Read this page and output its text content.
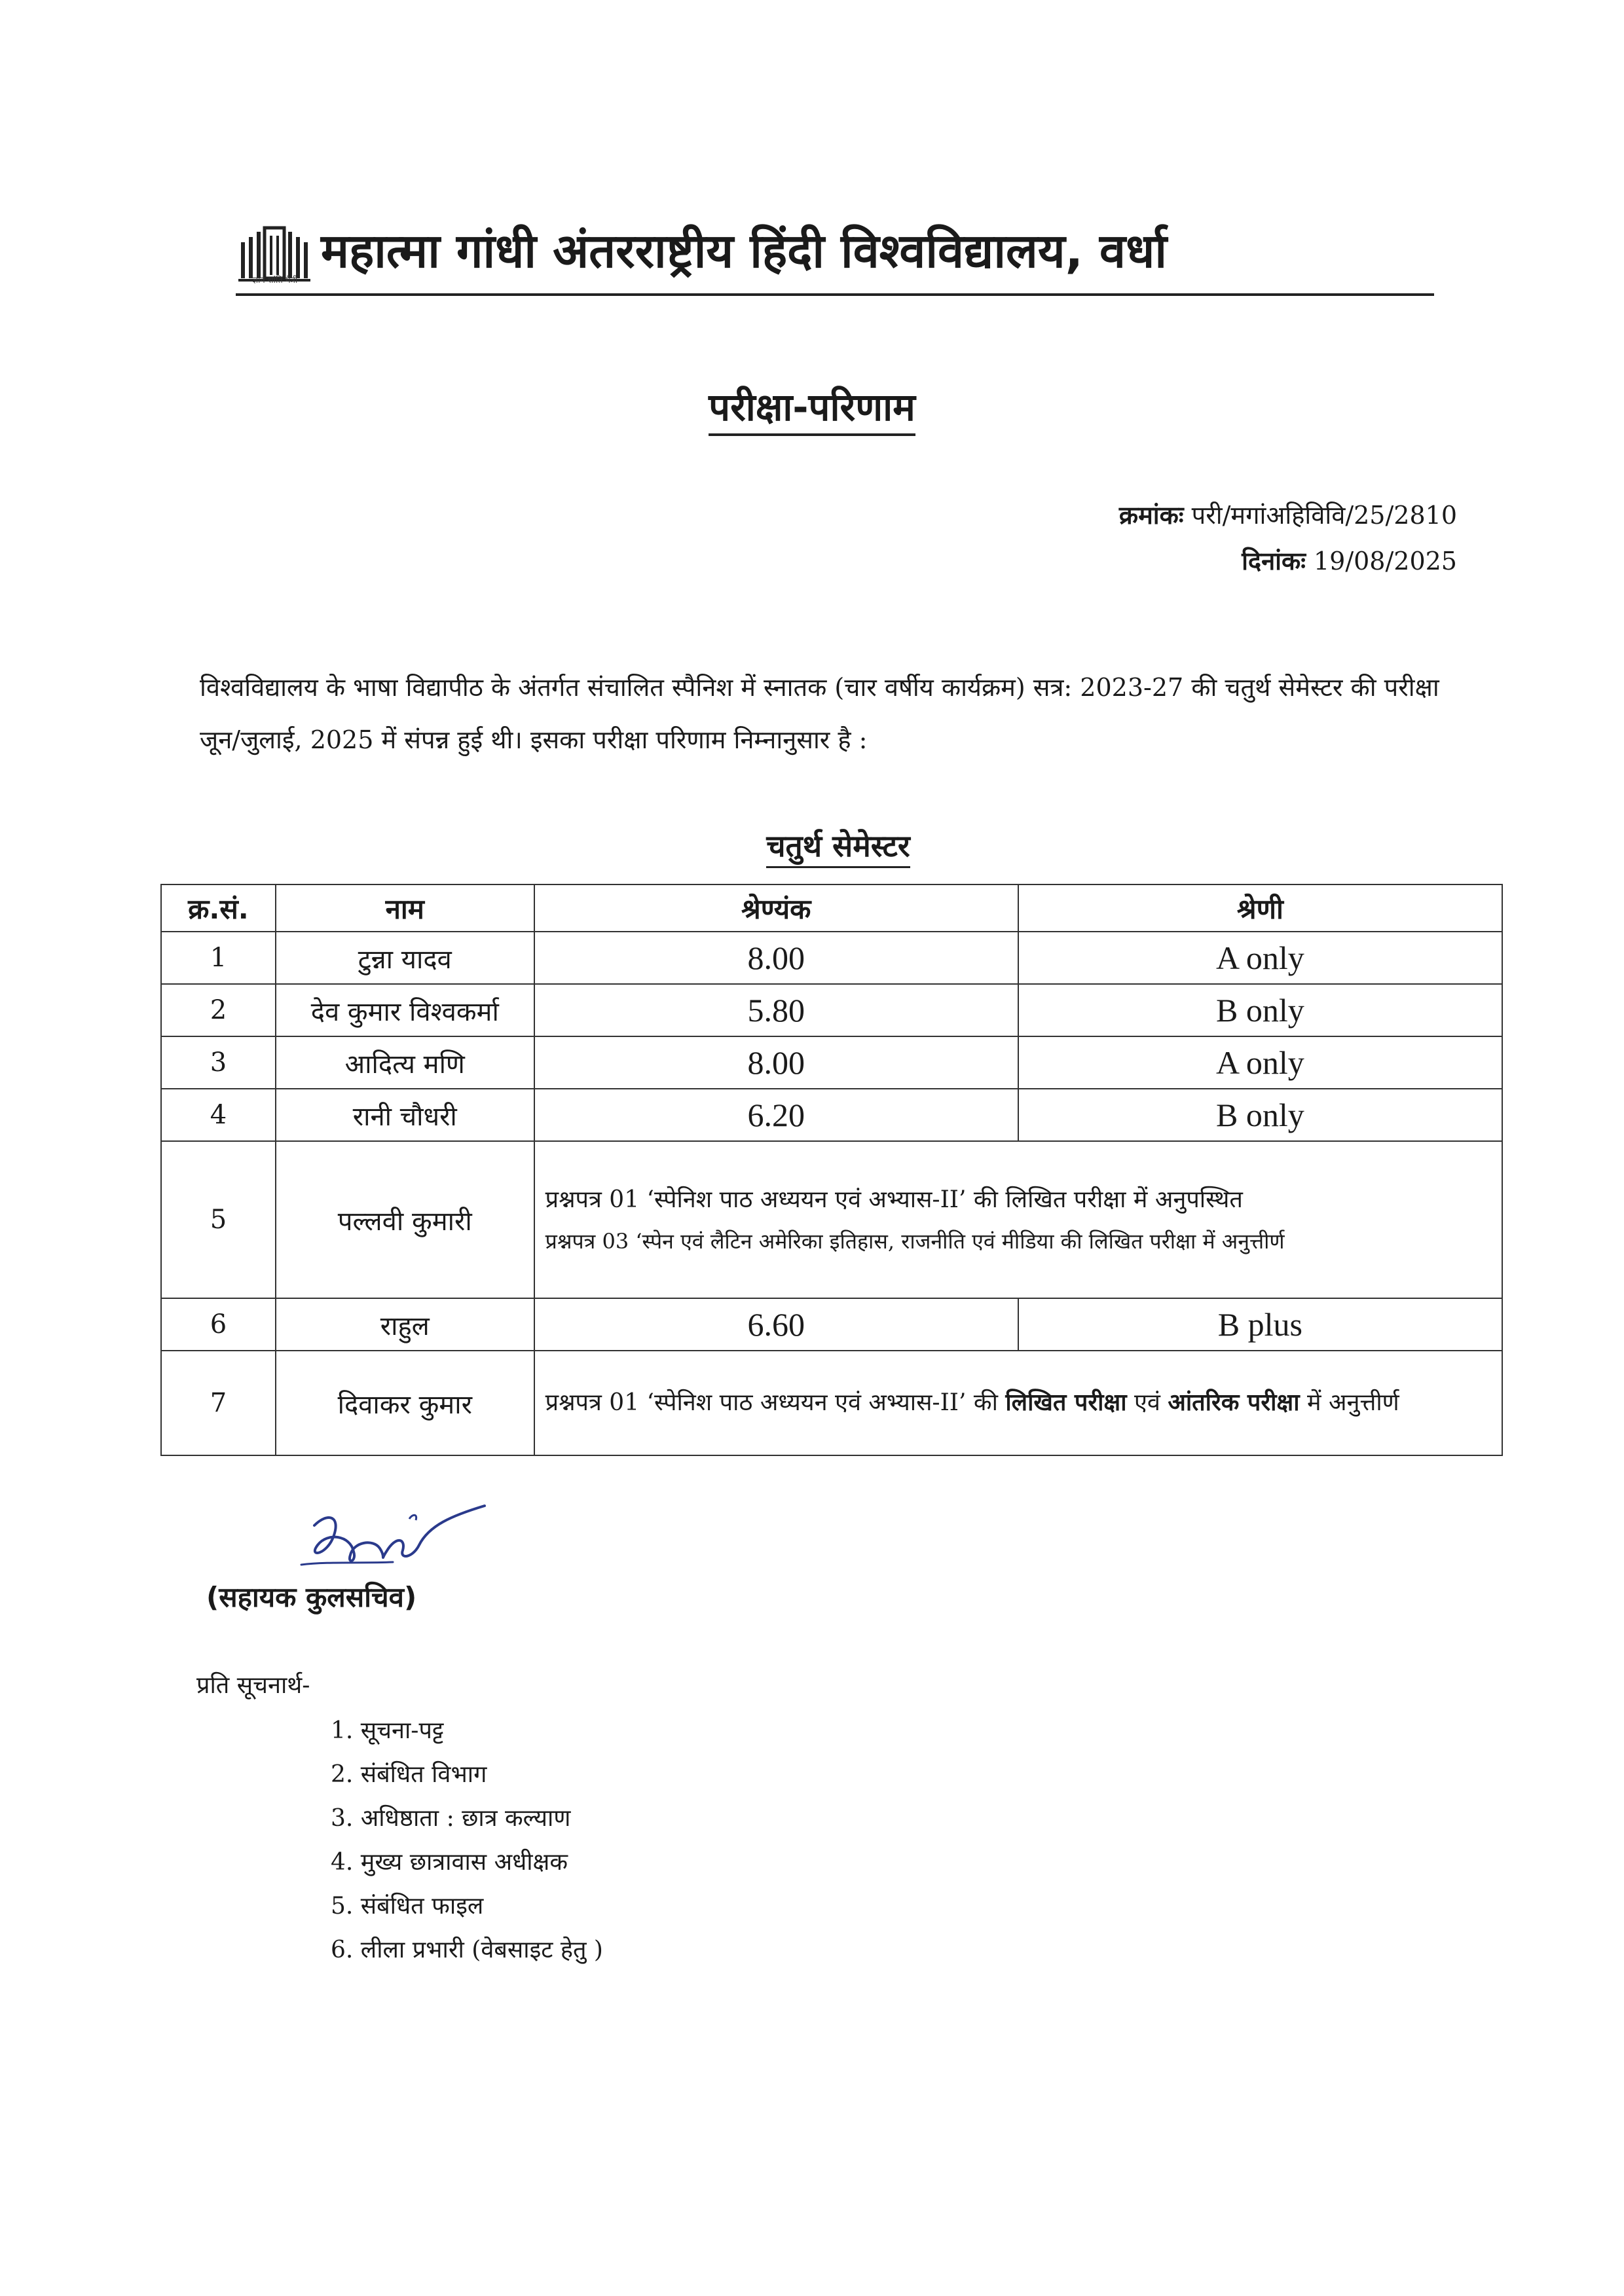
ज्ञान शांति मैत्री
महात्मा गांधी अंतरराष्ट्रीय हिंदी विश्वविद्यालय, वर्धा
परीक्षा-परिणाम
क्रमांकः परी/मगांअहिविवि/25/2810
दिनांकः 19/08/2025
विश्वविद्यालय के भाषा विद्यापीठ के अंतर्गत संचालित स्पैनिश में स्नातक (चार वर्षीय कार्यक्रम) सत्र: 2023-27 की चतुर्थ सेमेस्टर की परीक्षा जून/जुलाई, 2025 में संपन्न हुई थी। इसका परीक्षा परिणाम निम्नानुसार है :
चतुर्थ सेमेस्टर
क्र.सं.	नाम	श्रेण्यंक	श्रेणी
1	टुन्ना यादव	8.00	A only
2	देव कुमार विश्वकर्मा	5.80	B only
3	आदित्य मणि	8.00	A only
4	रानी चौधरी	6.20	B only
5	पल्लवी कुमारी	प्रश्नपत्र 01 ‘स्पेनिश पाठ अध्ययन एवं अभ्यास-II’ की लिखित परीक्षा में अनुपस्थित
प्रश्नपत्र 03 ‘स्पेन एवं लैटिन अमेरिका इतिहास, राजनीति एवं मीडिया की लिखित परीक्षा में अनुत्तीर्ण	

6	राहुल	6.60	B plus
7	दिवाकर कुमार	प्रश्नपत्र 01 ‘स्पेनिश पाठ अध्ययन एवं अभ्यास-II’ की लिखित परीक्षा एवं आंतरिक परीक्षा में अनुत्तीर्ण	
(सहायक कुलसचिव)
प्रति सूचनार्थ-
1. सूचना-पट्ट
2. संबंधित विभाग
3. अधिष्ठाता : छात्र कल्याण
4. मुख्य छात्रावास अधीक्षक
5. संबंधित फाइल
6. लीला प्रभारी (वेबसाइट हेतु )
